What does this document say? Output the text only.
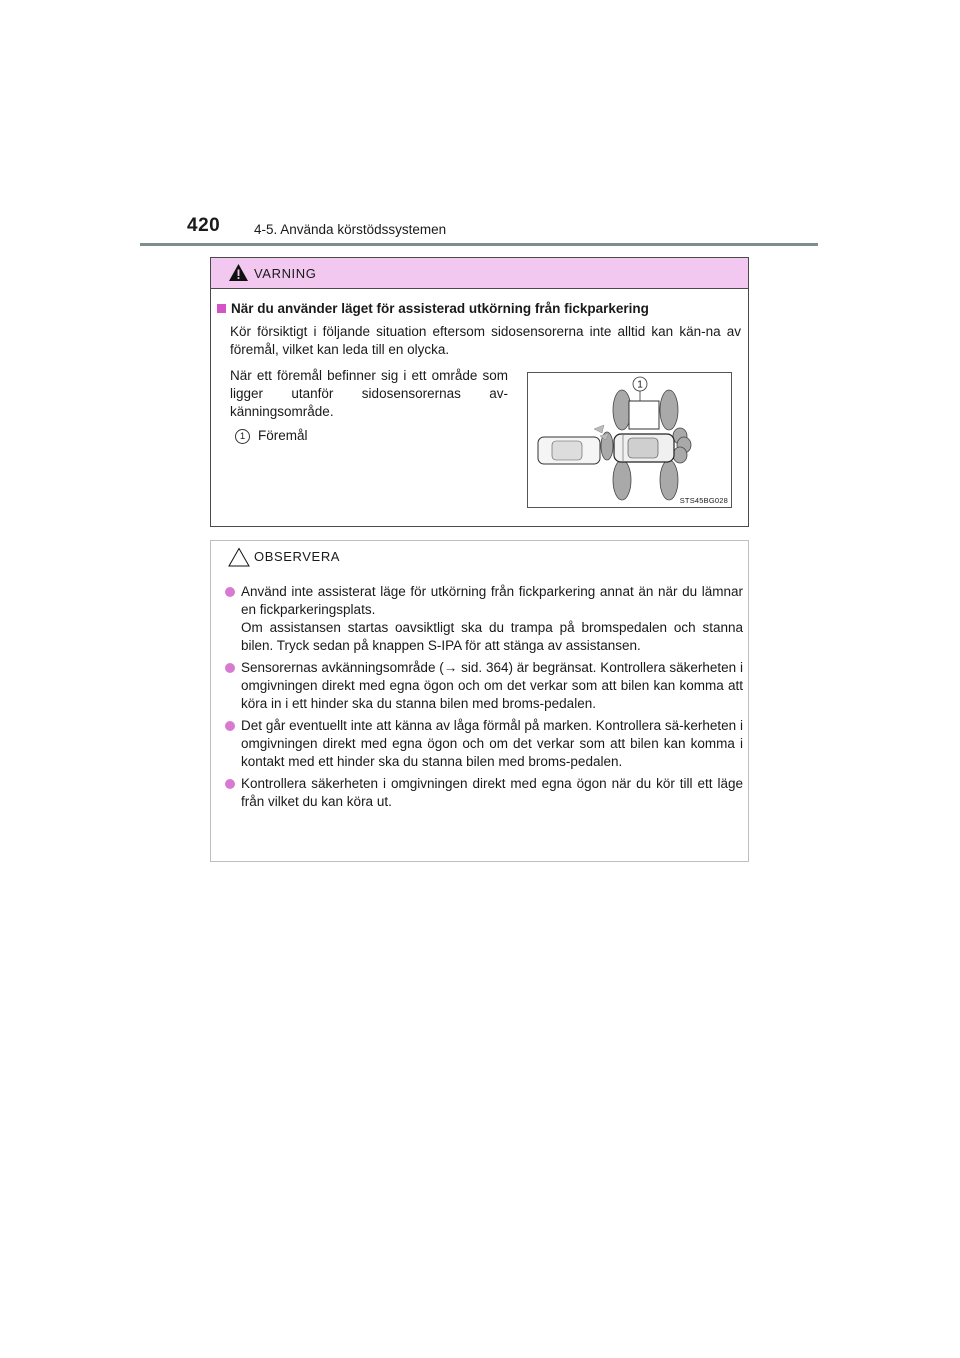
420	4-5. Använda körstödssystemen
VARNING
När du använder läget för assisterad utkörning från fickparkering
Kör försiktigt i följande situation eftersom sidosensorerna inte alltid kan kän-na av föremål, vilket kan leda till en olycka.
När ett föremål befinner sig i ett område som ligger utanför sidosensorernas av-känningsområde.
1 Föremål
1
STS45BG028
OBSERVERA
Använd inte assisterat läge för utkörning från fickparkering annat än när du lämnar en fickparkeringsplats.
Om assistansen startas oavsiktligt ska du trampa på bromspedalen och stanna bilen. Tryck sedan på knappen S-IPA för att stänga av assistansen.
Sensorernas avkänningsområde (→ sid. 364) är begränsat. Kontrollera säkerheten i omgivningen direkt med egna ögon och om det verkar som att bilen kan komma att köra in i ett hinder ska du stanna bilen med broms-pedalen.
Det går eventuellt inte att känna av låga förmål på marken. Kontrollera sä-kerheten i omgivningen direkt med egna ögon och om det verkar som att bilen kan komma i kontakt med ett hinder ska du stanna bilen med broms-pedalen.
Kontrollera säkerheten i omgivningen direkt med egna ögon när du kör till ett läge från vilket du kan köra ut.
